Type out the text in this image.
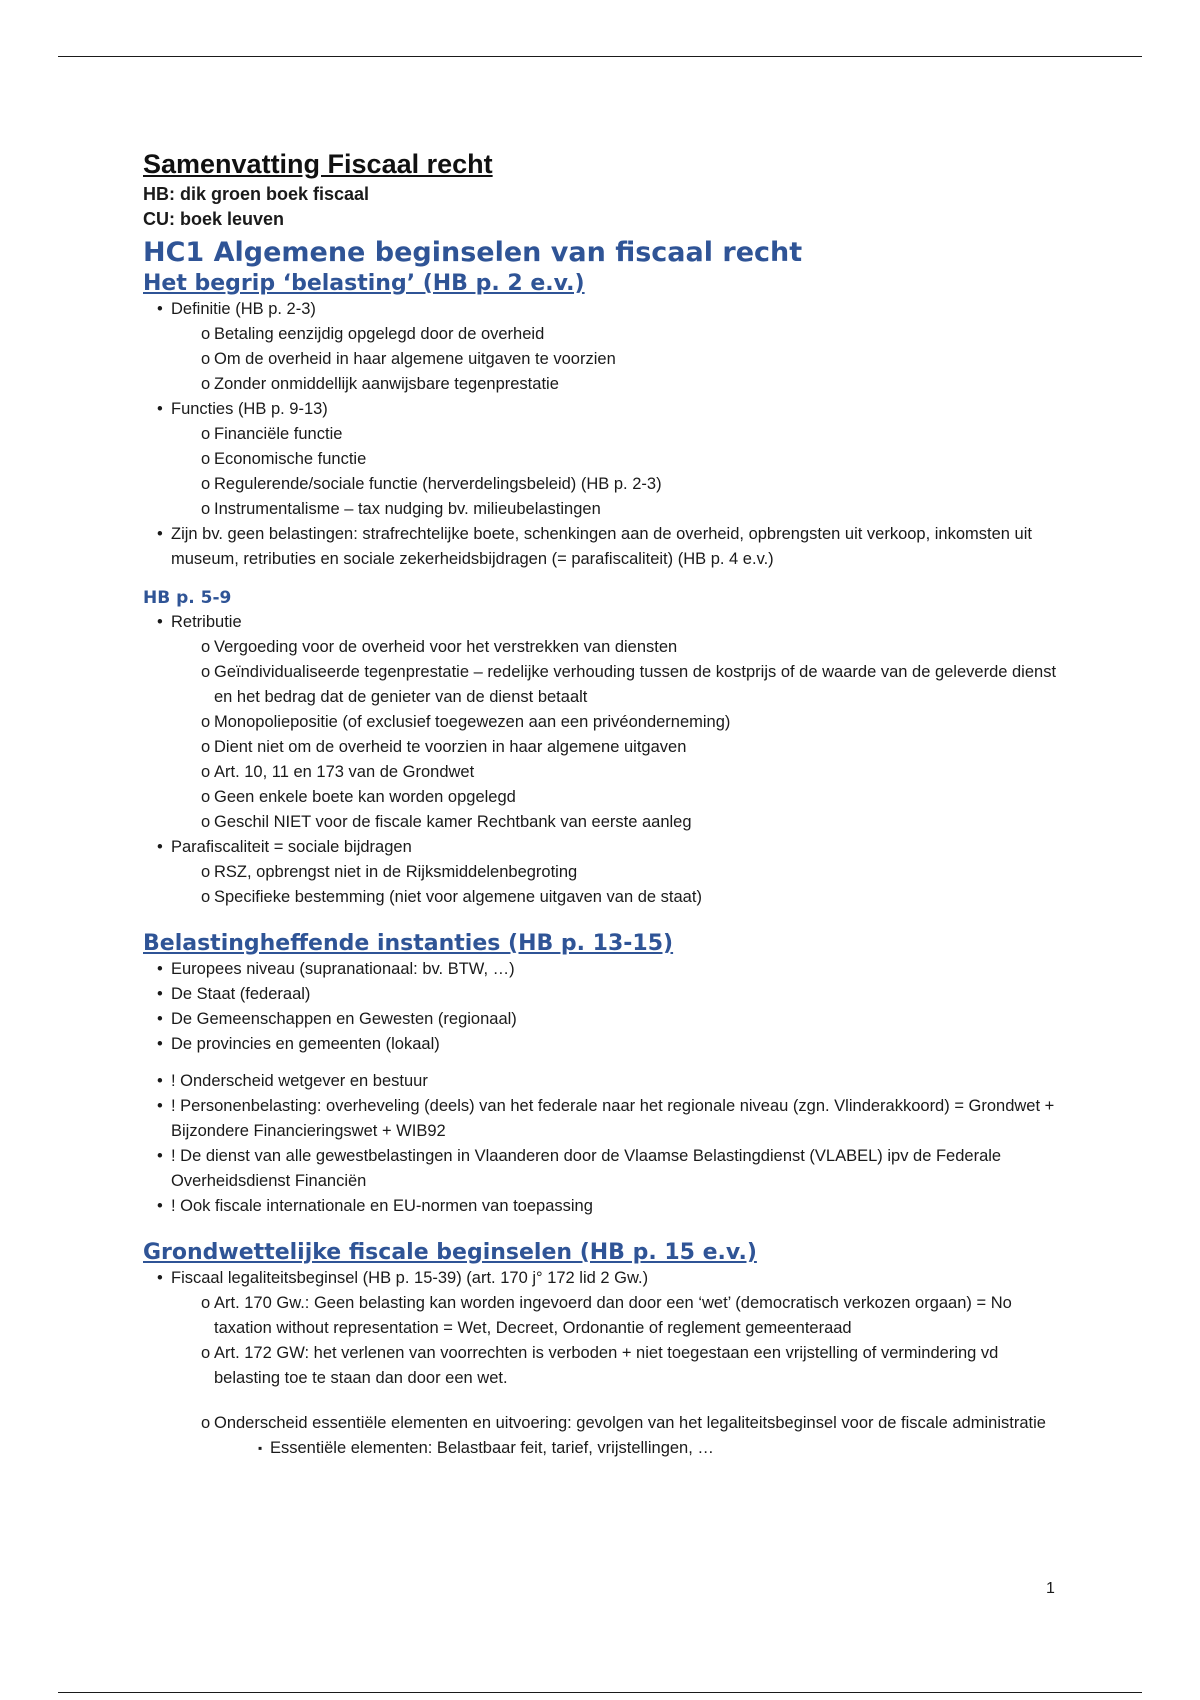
Samenvatting Fiscaal recht

HB: dik groen boek fiscaal

CU: boek leuven

HC1 Algemene beginselen van fiscaal recht
Het begrip ‘belasting’ (HB p. 2 e.v.)
• Definitie (HB p. 2-3)
o Betaling eenzijdig opgelegd door de overheid
o Om de overheid in haar algemene uitgaven te voorzien
o Zonder onmiddellijk aanwijsbare tegenprestatie
• Functies (HB p. 9-13)
o Financiële functie
o Economische functie
o Regulerende/sociale functie (herverdelingsbeleid) (HB p. 2-3)
o Instrumentalisme – tax nudging bv. milieubelastingen
• Zijn bv. geen belastingen: strafrechtelijke boete, schenkingen aan de overheid, opbrengsten uit verkoop, inkomsten uit museum, retributies en sociale zekerheidsbijdragen (= parafiscaliteit) (HB p. 4 e.v.)
HB p. 5-9
• Retributie
o Vergoeding voor de overheid voor het verstrekken van diensten
o Geïndividualiseerde tegenprestatie – redelijke verhouding tussen de kostprijs of de waarde van de geleverde dienst en het bedrag dat de genieter van de dienst betaalt
o Monopoliepositie (of exclusief toegewezen aan een privéonderneming)
o Dient niet om de overheid te voorzien in haar algemene uitgaven
o Art. 10, 11 en 173 van de Grondwet
o Geen enkele boete kan worden opgelegd
o Geschil NIET voor de fiscale kamer Rechtbank van eerste aanleg
• Parafiscaliteit = sociale bijdragen
o RSZ, opbrengst niet in de Rijksmiddelenbegroting
o Specifieke bestemming (niet voor algemene uitgaven van de staat)
Belastingheffende instanties (HB p. 13-15)
• Europees niveau (supranationaal: bv. BTW, …)
• De Staat (federaal)
• De Gemeenschappen en Gewesten (regionaal)
• De provincies en gemeenten (lokaal)
• ! Onderscheid wetgever en bestuur
• ! Personenbelasting: overheveling (deels) van het federale naar het regionale niveau (zgn. Vlinderakkoord) = Grondwet + Bijzondere Financieringswet + WIB92
• ! De dienst van alle gewestbelastingen in Vlaanderen door de Vlaamse Belastingdienst (VLABEL) ipv de Federale Overheidsdienst Financiën
• ! Ook fiscale internationale en EU-normen van toepassing
Grondwettelijke fiscale beginselen (HB p. 15 e.v.)
• Fiscaal legaliteitsbeginsel (HB p. 15-39) (art. 170 j° 172 lid 2 Gw.)
o Art. 170 Gw.: Geen belasting kan worden ingevoerd dan door een ‘wet’ (democratisch verkozen orgaan) = No taxation without representation = Wet, Decreet, Ordonantie of reglement gemeenteraad
o Art. 172 GW: het verlenen van voorrechten is verboden + niet toegestaan een vrijstelling of vermindering vd belasting toe te staan dan door een wet.
o Onderscheid essentiële elementen en uitvoering: gevolgen van het legaliteitsbeginsel voor de fiscale administratie
▪ Essentiële elementen: Belastbaar feit, tarief, vrijstellingen, …
1
